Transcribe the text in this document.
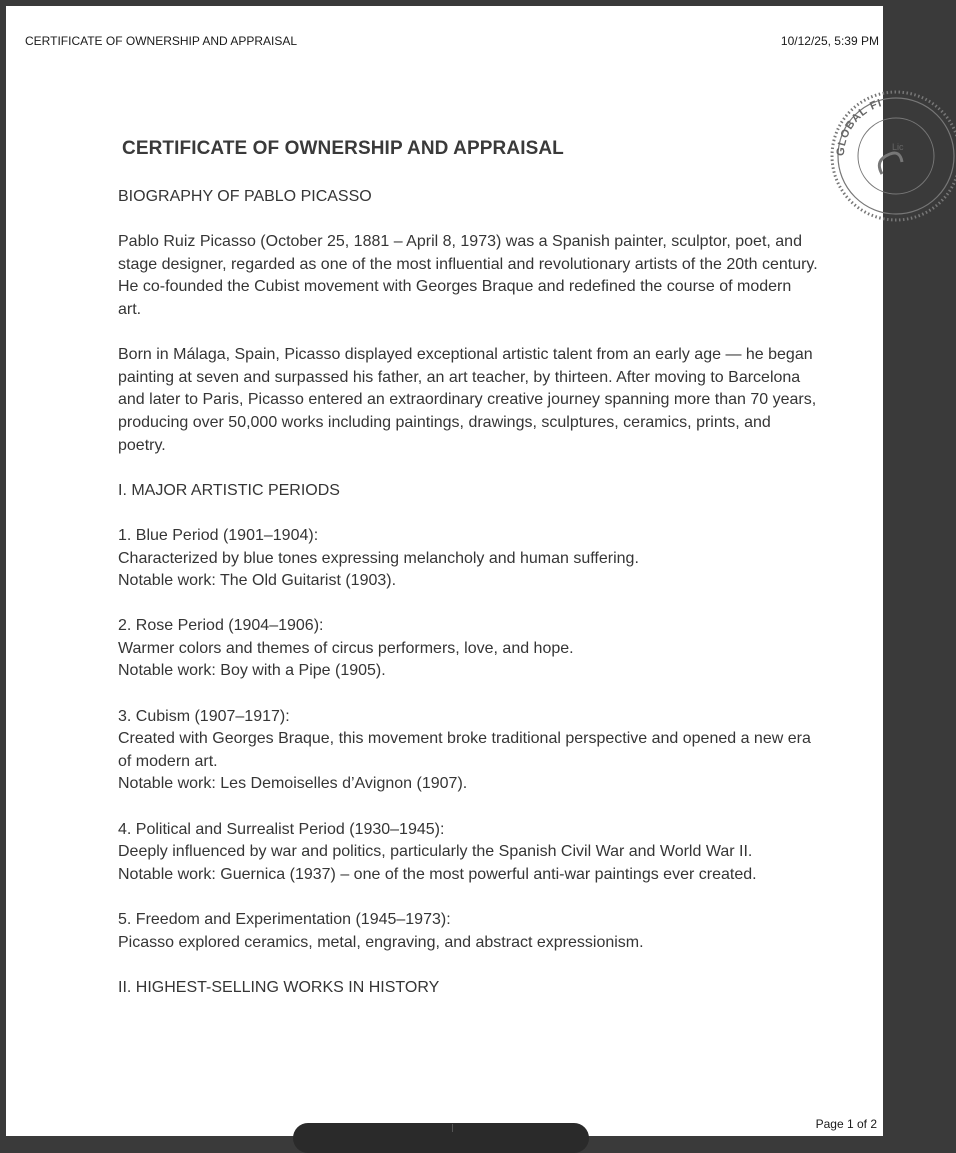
CERTIFICATE OF OWNERSHIP AND APPRAISAL	10/12/25, 5:39 PM
GLOBAL FI
Lic
CERTIFICATE OF OWNERSHIP AND APPRAISAL

BIOGRAPHY OF PABLO PICASSO

Pablo Ruiz Picasso (October 25, 1881 – April 8, 1973) was a Spanish painter, sculptor, poet, and stage designer, regarded as one of the most influential and revolutionary artists of the 20th century. He co-founded the Cubist movement with Georges Braque and redefined the course of modern art.

Born in Málaga, Spain, Picasso displayed exceptional artistic talent from an early age — he began painting at seven and surpassed his father, an art teacher, by thirteen. After moving to Barcelona and later to Paris, Picasso entered an extraordinary creative journey spanning more than 70 years, producing over 50,000 works including paintings, drawings, sculptures, ceramics, prints, and poetry.

I. MAJOR ARTISTIC PERIODS

1. Blue Period (1901–1904):
Characterized by blue tones expressing melancholy and human suffering.
Notable work: The Old Guitarist (1903).

2. Rose Period (1904–1906):
Warmer colors and themes of circus performers, love, and hope.
Notable work: Boy with a Pipe (1905).

3. Cubism (1907–1917):
Created with Georges Braque, this movement broke traditional perspective and opened a new era of modern art.
Notable work: Les Demoiselles d’Avignon (1907).

4. Political and Surrealist Period (1930–1945):
Deeply influenced by war and politics, particularly the Spanish Civil War and World War II.
Notable work: Guernica (1937) – one of the most powerful anti-war paintings ever created.

5. Freedom and Experimentation (1945–1973):
Picasso explored ceramics, metal, engraving, and abstract expressionism.

II. HIGHEST-SELLING WORKS IN HISTORY

Page 1 of 2
